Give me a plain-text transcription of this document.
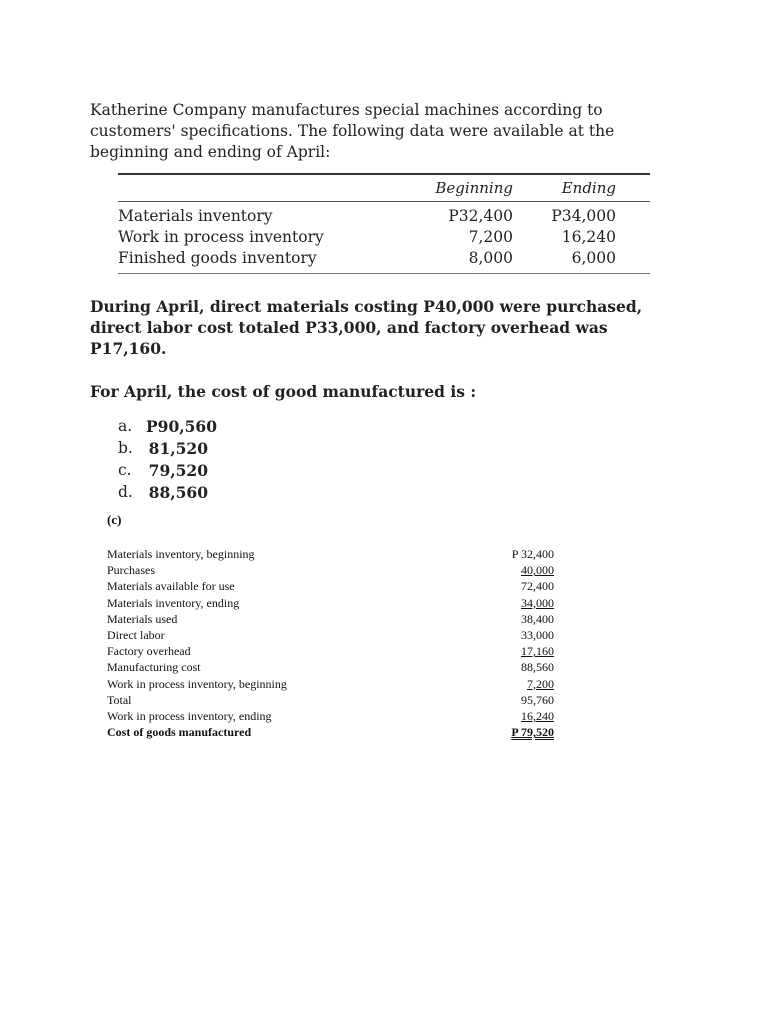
Katherine Company manufactures special machines according to customers' specifications. The following data were available at the beginning and ending of April:

Beginning	Ending
Materials inventory	P32,400	P34,000
Work in process inventory	7,200	16,240
Finished goods inventory	8,000	6,000

During April, direct materials costing P40,000 were purchased, direct labor cost totaled P33,000, and factory overhead was P17,160.

For April, the cost of good manufactured is :

a. P90,560
b. 81,520
c. 79,520
d. 88,560
(c)
Materials inventory, beginning	P 32,400
Purchases	40,000
Materials available for use	72,400
Materials inventory, ending	34,000
Materials used	38,400
Direct labor	33,000
Factory overhead	17,160
Manufacturing cost	88,560
Work in process inventory, beginning	7,200
Total	95,760
Work in process inventory, ending	16,240
Cost of goods manufactured	P 79,520
